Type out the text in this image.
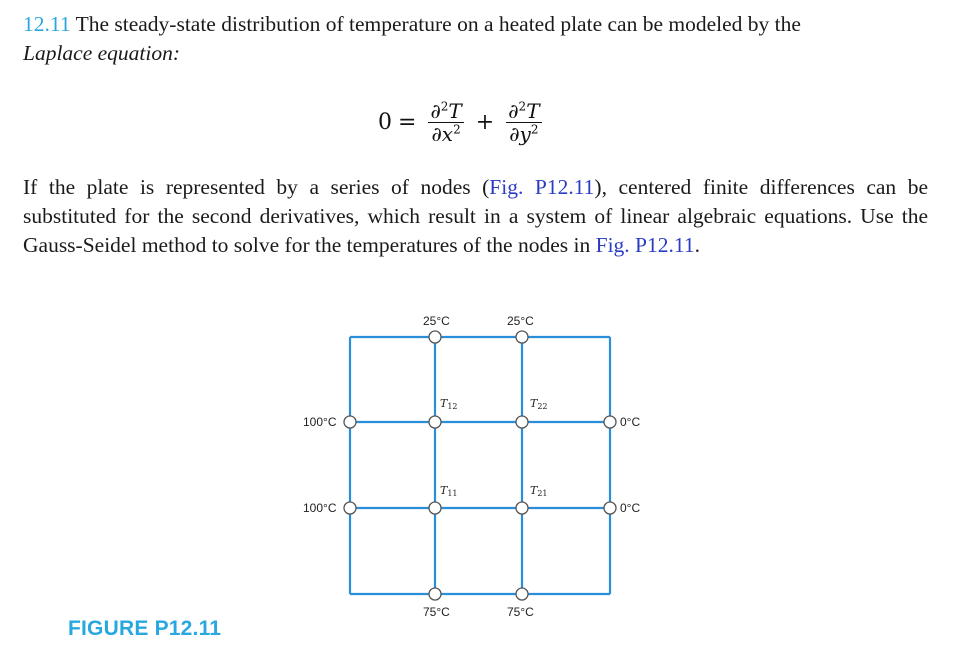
12.11 The steady-state distribution of temperature on a heated plate can be modeled by the
Laplace equation:

$0 = \frac{\partial^2T}{\partial x^2} + \frac{\partial^2T}{\partial y^2}$

If the plate is represented by a series of nodes (Fig. P12.11), centered finite differences can be substituted for the second derivatives, which result in a system of linear algebraic equations. Use the Gauss-Seidel method to solve for the temperatures of the nodes in Fig. P12.11.

25°C	25°C
75°C	75°C
100°C
100°C
0°C
0°C
T12	T22
T11	T21
FIGURE P12.11
